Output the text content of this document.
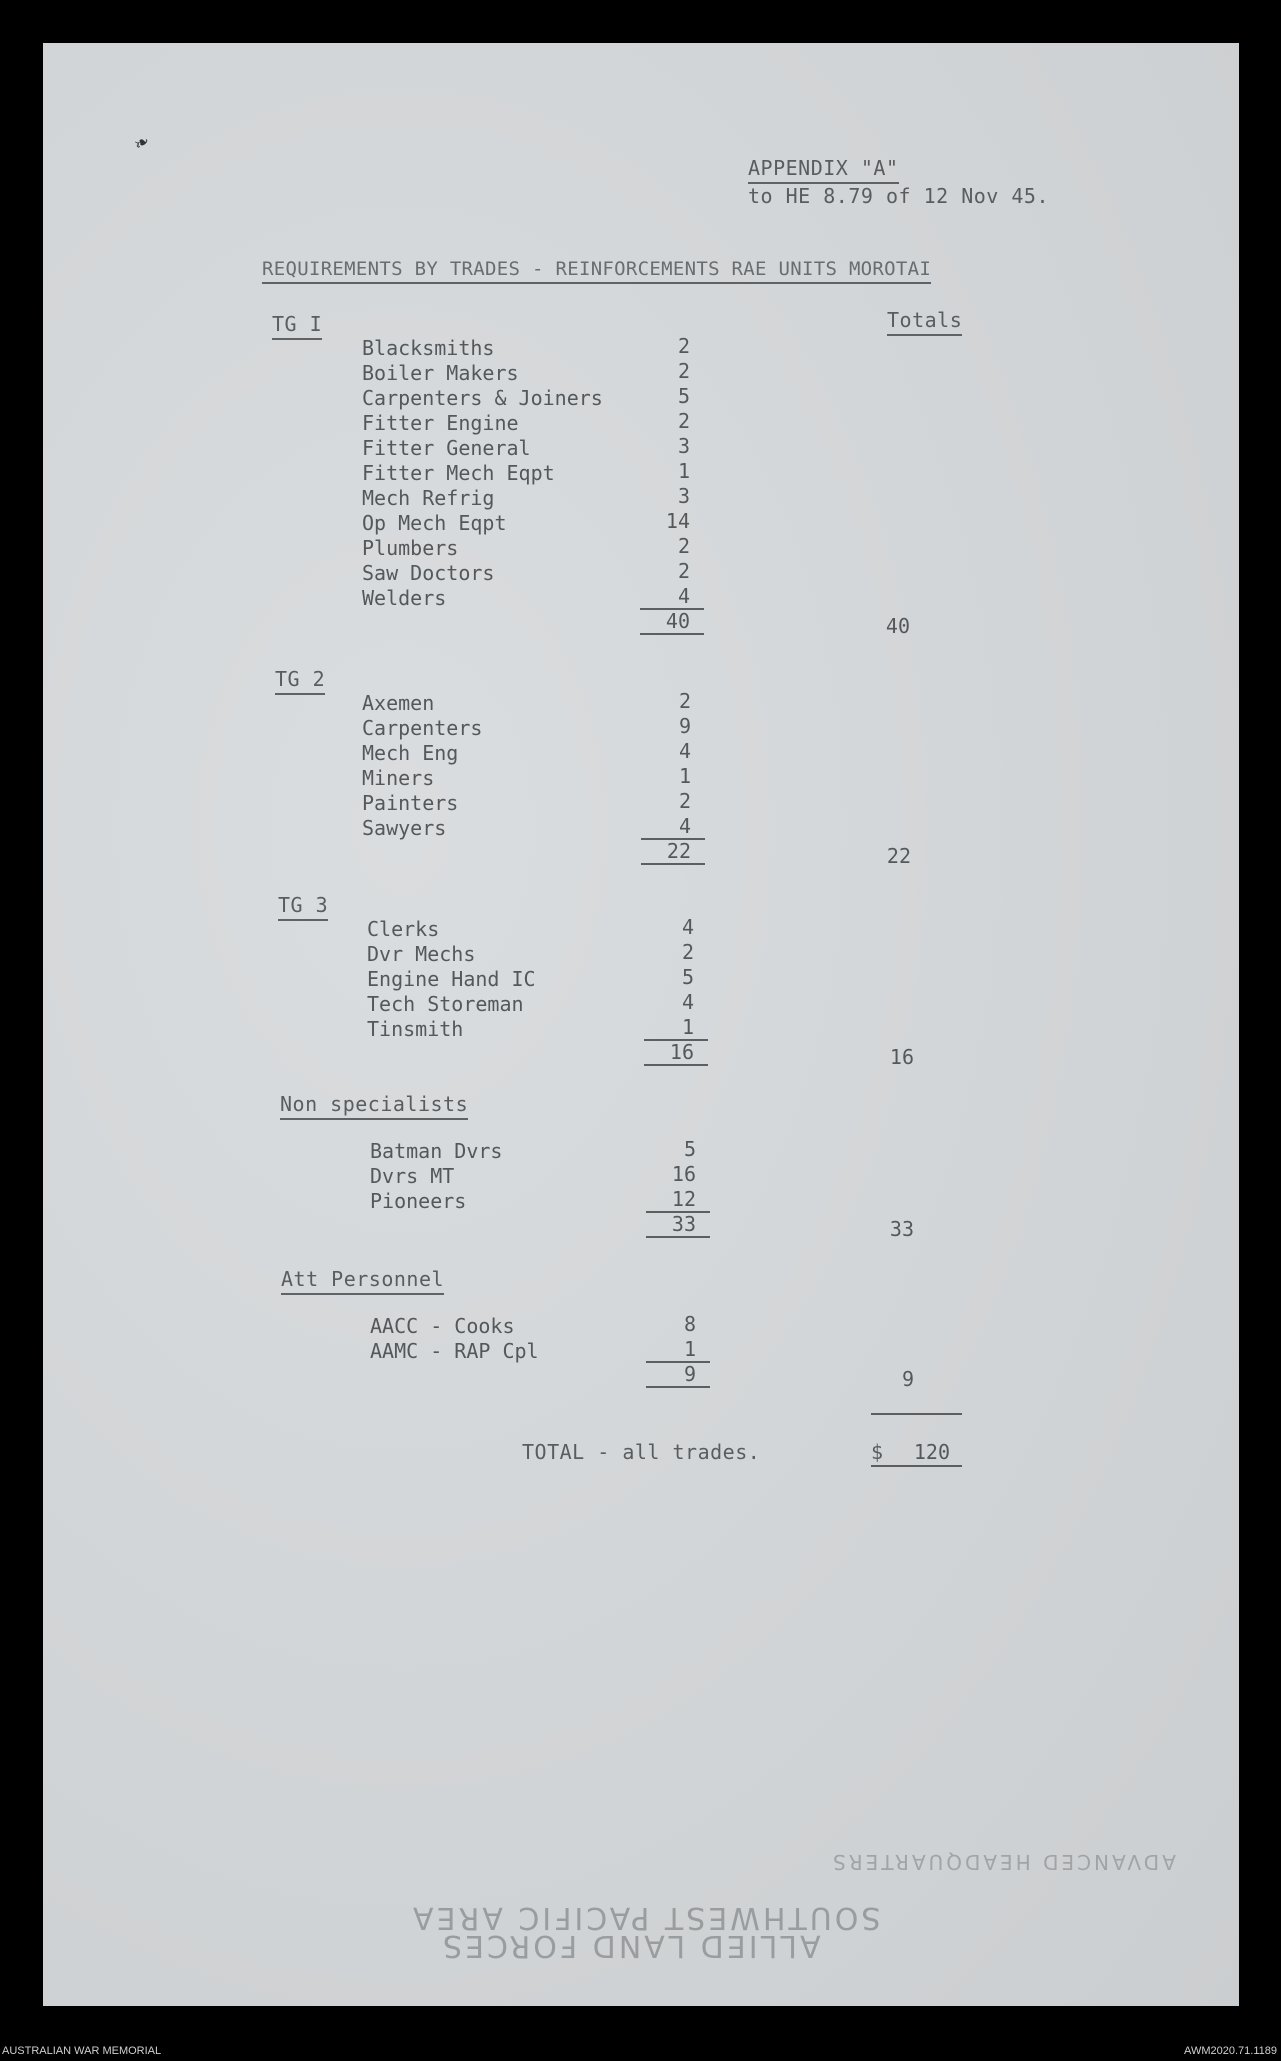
❧
APPENDIX "A"
to HE 8.79 of 12 Nov 45.
REQUIREMENTS BY TRADES - REINFORCEMENTS RAE UNITS MOROTAI
Totals
TG I
Blacksmiths	2
Boiler Makers	2
Carpenters & Joiners	5
Fitter Engine	2
Fitter General	3
Fitter Mech Eqpt	1
Mech Refrig	3
Op Mech Eqpt	14
Plumbers	2
Saw Doctors	2
Welders	4
40	40
TG 2
Axemen	2
Carpenters	9
Mech Eng	4
Miners	1
Painters	2
Sawyers	4
22	22
TG 3
Clerks	4
Dvr Mechs	2
Engine Hand IC	5
Tech Storeman	4
Tinsmith	1
16	16
Non specialists
Batman Dvrs	5
Dvrs MT	16
Pioneers	12
33	33
Att Personnel
AACC - Cooks	8
AAMC - RAP Cpl	1
9	9
TOTAL - all trades.	$ 120
ADVANCED HEADQUARTERS
SOUTHWEST PACIFIC AREA
ALLIED LAND FORCES
AUSTRALIAN WAR MEMORIAL	AWM2020.71.1189
